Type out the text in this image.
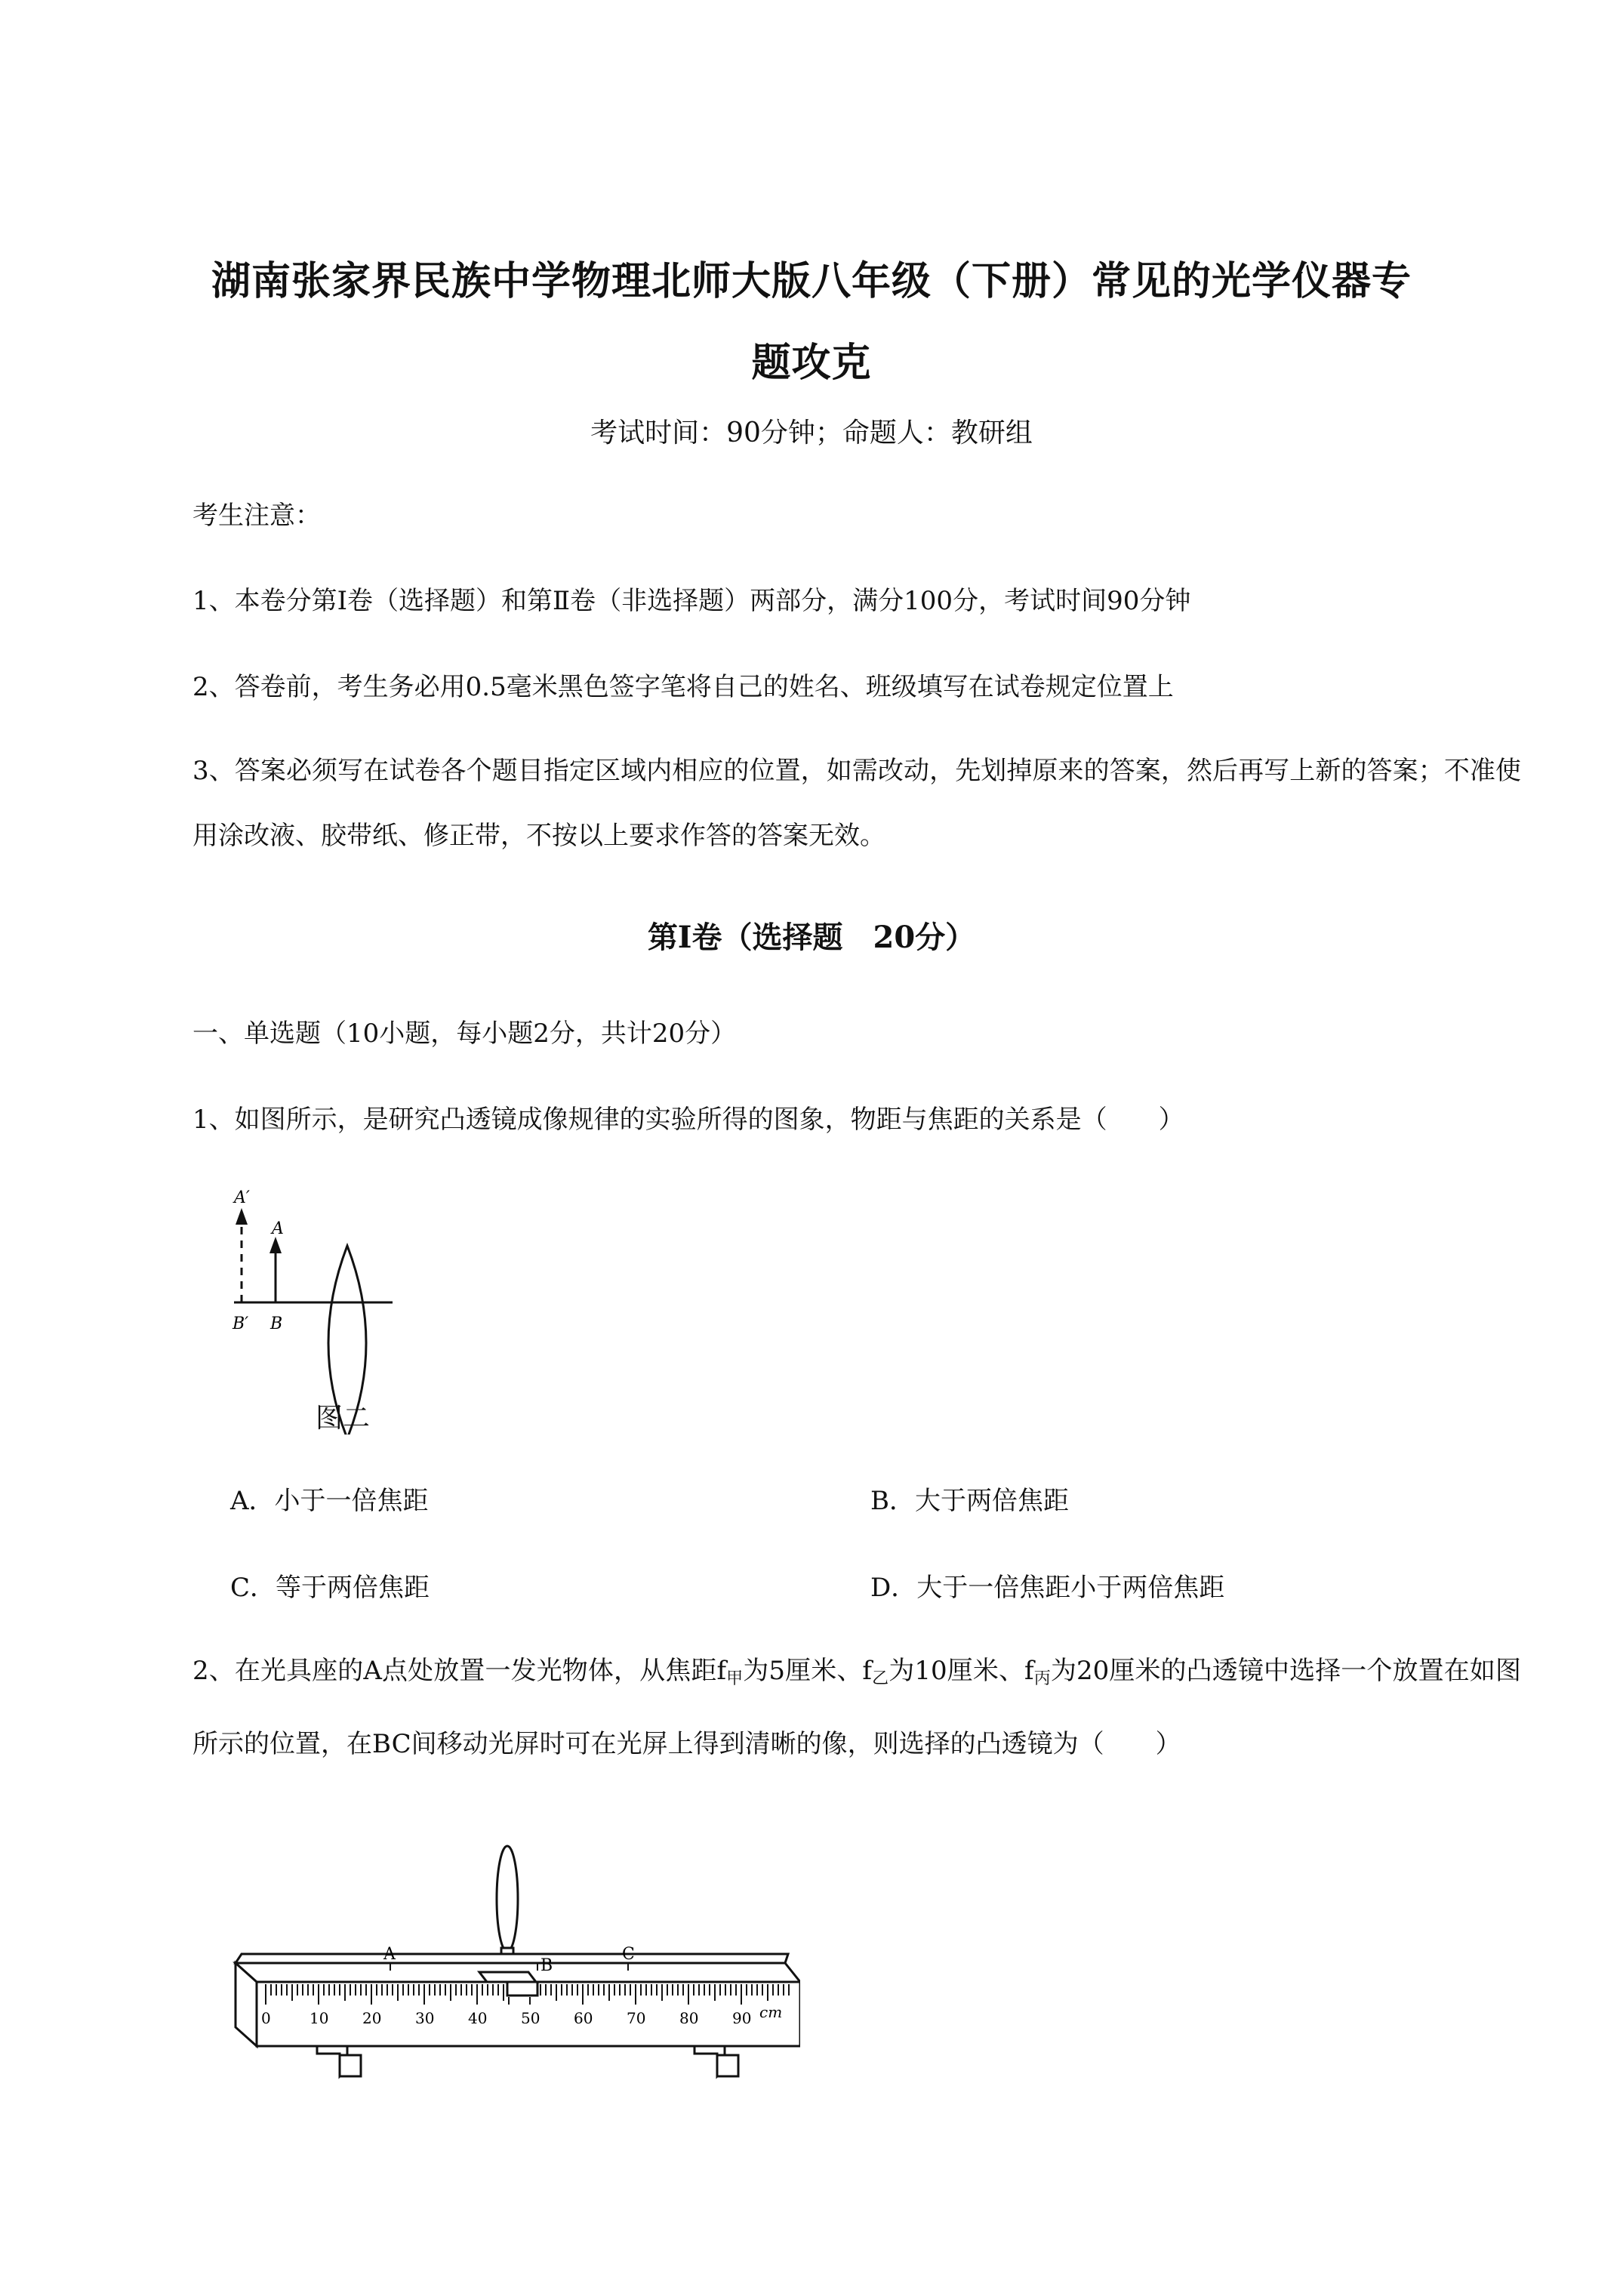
湖南张家界民族中学物理北师大版八年级（下册）常见的光学仪器专
题攻克
考试时间：90分钟；命题人：教研组
考生注意：
1、本卷分第Ⅰ卷（选择题）和第Ⅱ卷（非选择题）两部分，满分100分，考试时间90分钟
2、答卷前，考生务必用0.5毫米黑色签字笔将自己的姓名、班级填写在试卷规定位置上
3、答案必须写在试卷各个题目指定区域内相应的位置，如需改动，先划掉原来的答案，然后再写上新的答案；不准使用涂改液、胶带纸、修正带，不按以上要求作答的答案无效。
第Ⅰ卷（选择题　20分）
一、单选题（10小题，每小题2分，共计20分）
1、如图所示，是研究凸透镜成像规律的实验所得的图象，物距与焦距的关系是（　　）
A′
A
B′ B
图二
A．小于一倍焦距	B．大于两倍焦距
C．等于两倍焦距	D．大于一倍焦距小于两倍焦距
2、在光具座的A点处放置一发光物体，从焦距$f_甲$为5厘米、$f_乙$为10厘米、$f_丙$为20厘米的凸透镜中选择一个放置在如图所示的位置，在BC间移动光屏时可在光屏上得到清晰的像，则选择的凸透镜为（　　）
A
B
C
0	10 20 30 40 50 60 70 80 90 cm
